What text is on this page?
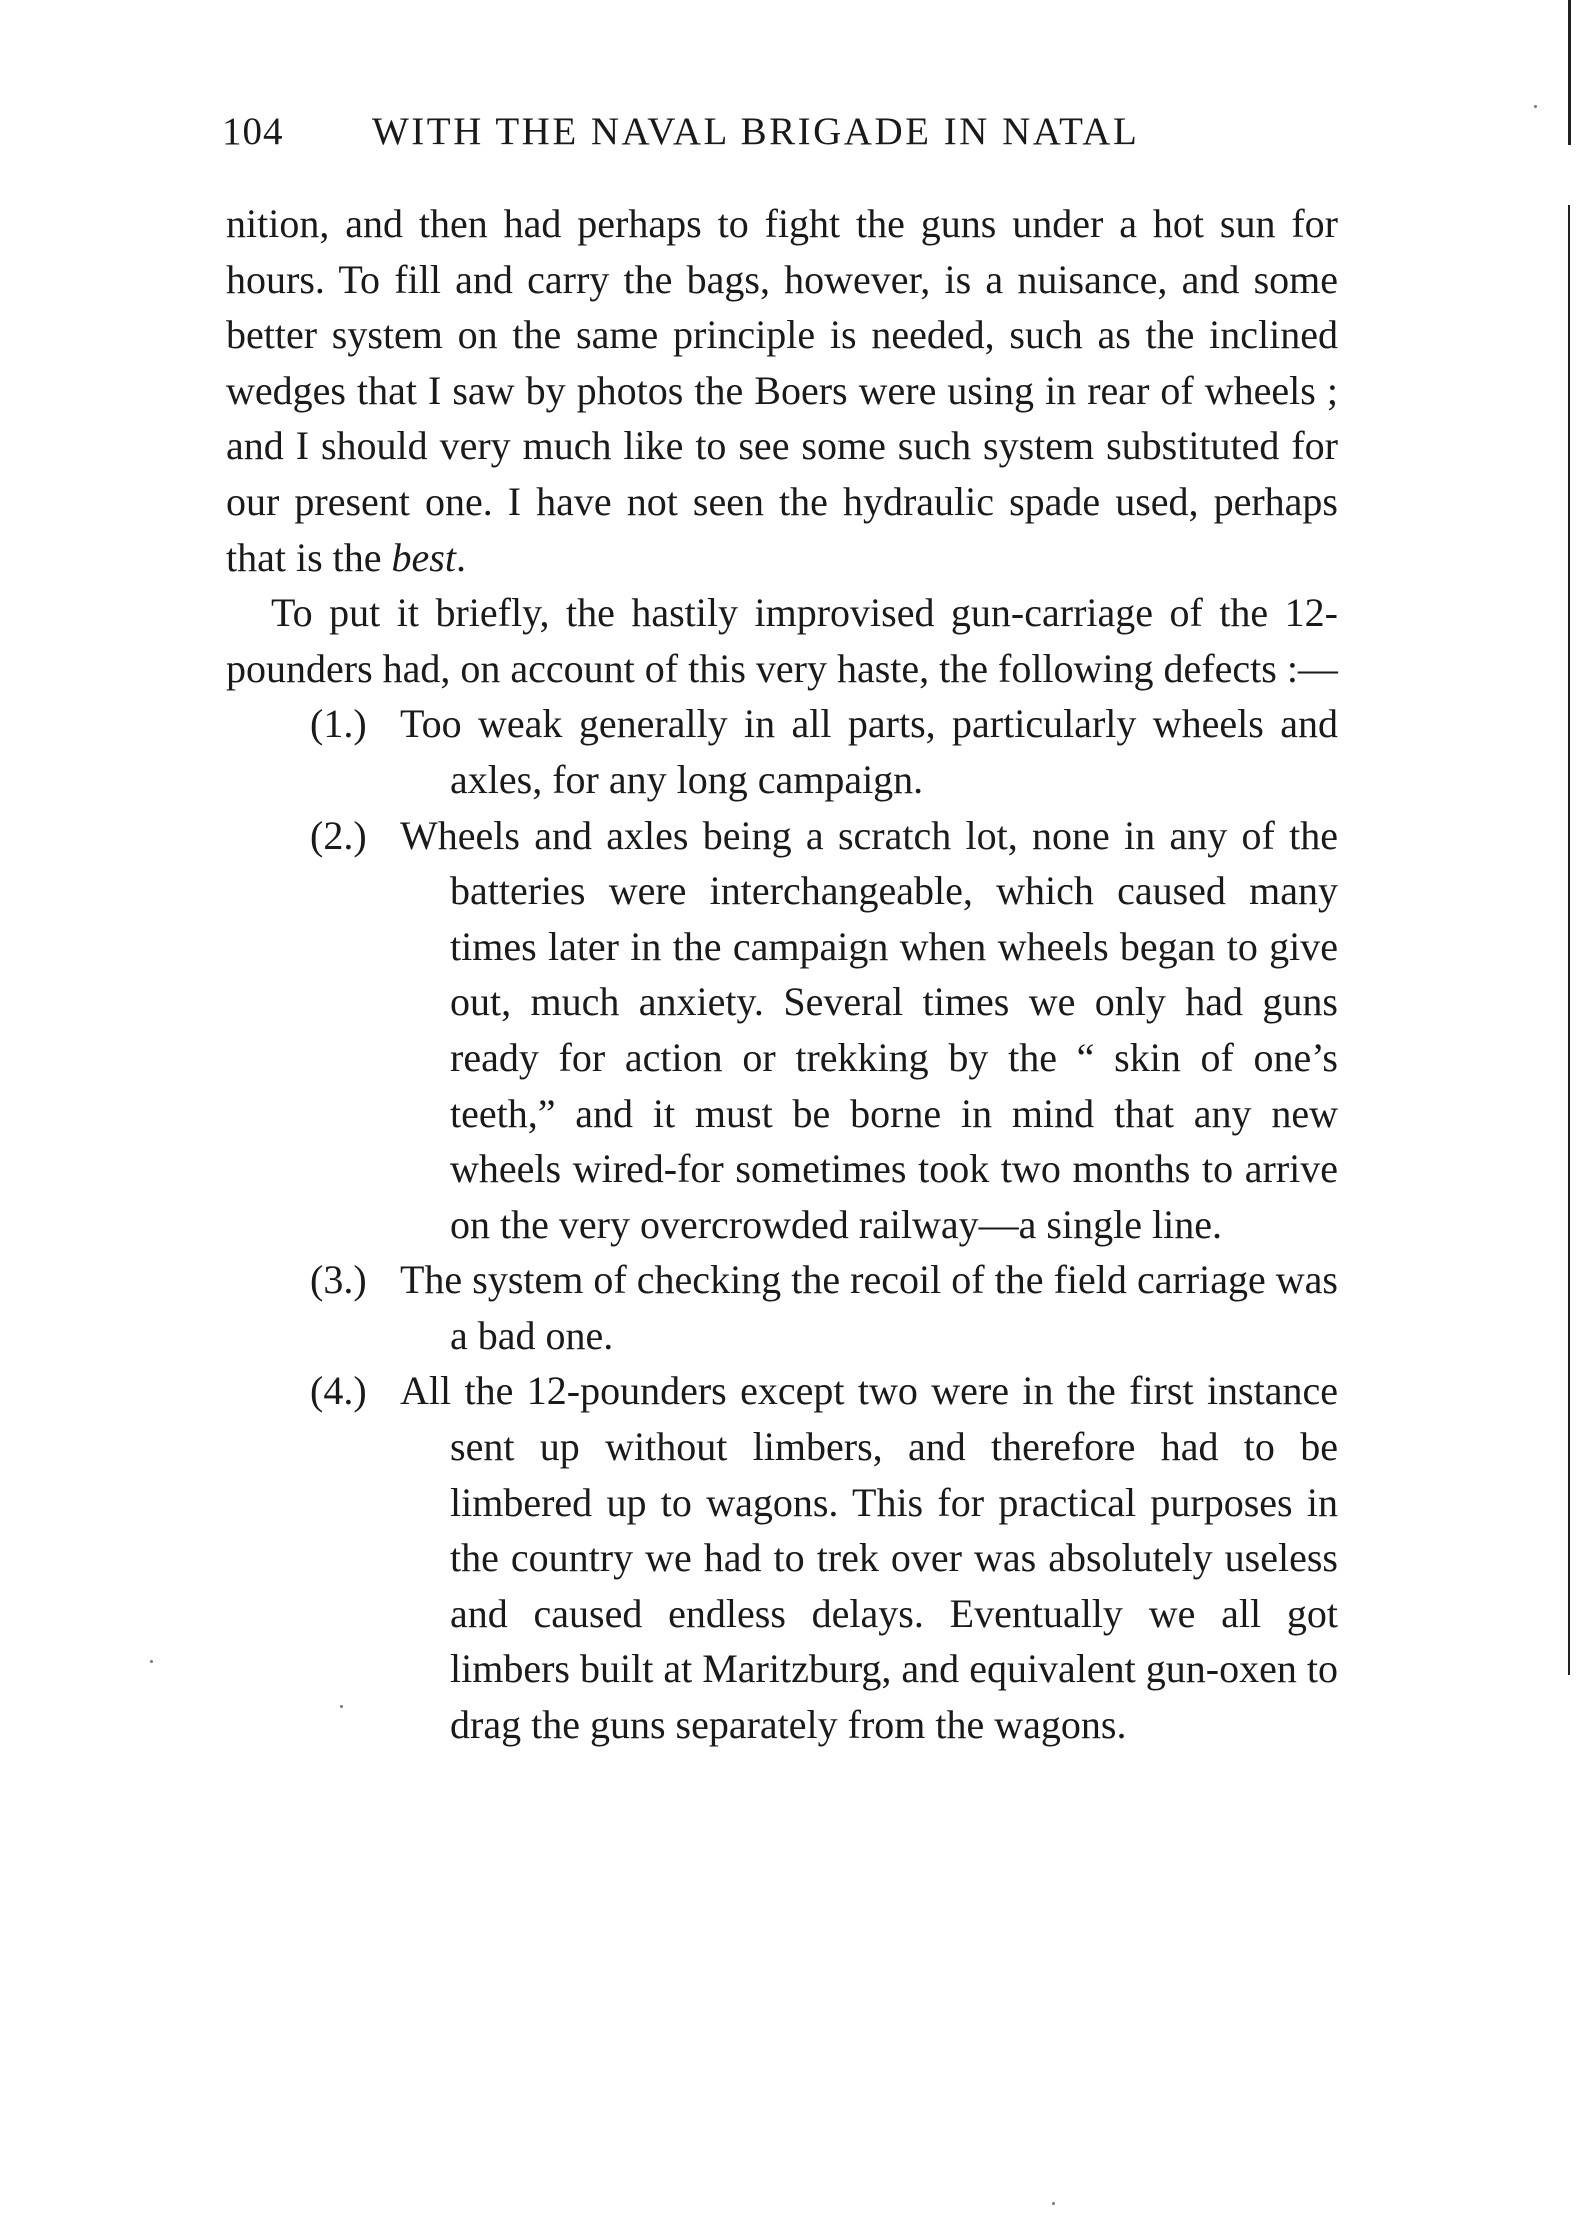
104 WITH THE NAVAL BRIGADE IN NATAL

nition, and then had perhaps to fight the guns under a hot sun for hours. To fill and carry the bags, however, is a nuisance, and some better system on the same principle is needed, such as the inclined wedges that I saw by photos the Boers were using in rear of wheels ; and I should very much like to see some such system substituted for our present one. I have not seen the hydraulic spade used, perhaps that is the best.

To put it briefly, the hastily improvised gun-carriage of the 12-pounders had, on account of this very haste, the following defects :—

(1.) Too weak generally in all parts, particularly wheels and axles, for any long campaign.
(2.) Wheels and axles being a scratch lot, none in any of the batteries were interchangeable, which caused many times later in the campaign when wheels began to give out, much anxiety. Several times we only had guns ready for action or trekking by the “ skin of one’s teeth,” and it must be borne in mind that any new wheels wired-for sometimes took two months to arrive on the very overcrowded railway—a single line.
(3.) The system of checking the recoil of the field carriage was a bad one.
(4.) All the 12-pounders except two were in the first instance sent up without limbers, and therefore had to be limbered up to wagons. This for practical purposes in the country we had to trek over was absolutely useless and caused endless delays. Eventually we all got limbers built at Maritzburg, and equivalent gun-oxen to drag the guns separately from the wagons.
